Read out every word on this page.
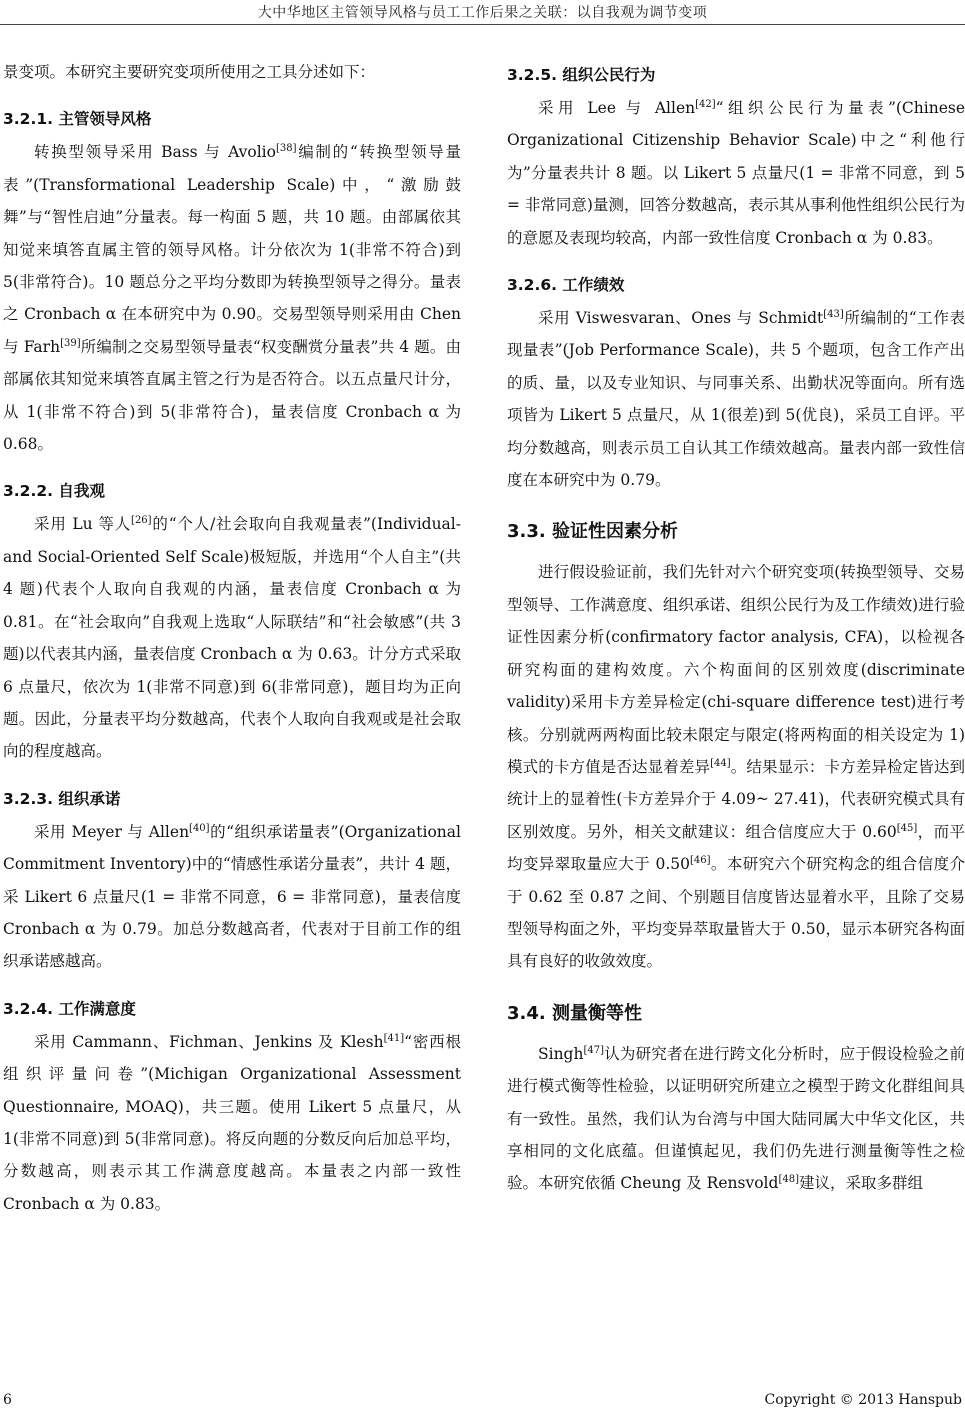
大中华地区主管领导风格与员工工作后果之关联：以自我观为调节变项

景变项。本研究主要研究变项所使用之工具分述如下：

3.2.1. 主管领导风格

转换型领导采用 Bass 与 Avolio[38]编制的“转换型领导量表”(Transformational Leadership Scale)中，“激励鼓舞”与“智性启迪”分量表。每一构面 5 题，共 10 题。由部属依其知觉来填答直属主管的领导风格。计分依次为 1(非常不符合)到 5(非常符合)。10 题总分之平均分数即为转换型领导之得分。量表之 Cronbach α 在本研究中为 0.90。交易型领导则采用由 Chen 与 Farh[39]所编制之交易型领导量表“权变酬赏分量表”共 4 题。由部属依其知觉来填答直属主管之行为是否符合。以五点量尺计分，从 1(非常不符合)到 5(非常符合)，量表信度 Cronbach α 为 0.68。

3.2.2. 自我观

采用 Lu 等人[26]的“个人/社会取向自我观量表”(Individual- and Social-Oriented Self Scale)极短版，并选用“个人自主”(共 4 题)代表个人取向自我观的内涵，量表信度 Cronbach α 为 0.81。在“社会取向”自我观上选取“人际联结”和“社会敏感”(共 3 题)以代表其内涵，量表信度 Cronbach α 为 0.63。计分方式采取 6 点量尺，依次为 1(非常不同意)到 6(非常同意)，题目均为正向题。因此，分量表平均分数越高，代表个人取向自我观或是社会取向的程度越高。

3.2.3. 组织承诺

采用 Meyer 与 Allen[40]的“组织承诺量表”(Organizational Commitment Inventory)中的“情感性承诺分量表”，共计 4 题，采 Likert 6 点量尺(1 = 非常不同意，6 = 非常同意)，量表信度 Cronbach α 为 0.79。加总分数越高者，代表对于目前工作的组织承诺感越高。

3.2.4. 工作满意度

采用 Cammann、Fichman、Jenkins 及 Klesh[41]“密西根组织评量问卷”(Michigan Organizational Assessment Questionnaire, MOAQ)，共三题。使用 Likert 5 点量尺，从 1(非常不同意)到 5(非常同意)。将反向题的分数反向后加总平均，分数越高，则表示其工作满意度越高。本量表之内部一致性 Cronbach α 为 0.83。

3.2.5. 组织公民行为

采用 Lee 与 Allen[42]“组织公民行为量表”(Chinese Organizational Citizenship Behavior Scale)中之“利他行为”分量表共计 8 题。以 Likert 5 点量尺(1 = 非常不同意，到 5 = 非常同意)量测，回答分数越高，表示其从事利他性组织公民行为的意愿及表现均较高，内部一致性信度 Cronbach α 为 0.83。

3.2.6. 工作绩效

采用 Viswesvaran、Ones 与 Schmidt[43]所编制的“工作表现量表”(Job Performance Scale)，共 5 个题项，包含工作产出的质、量，以及专业知识、与同事关系、出勤状况等面向。所有选项皆为 Likert 5 点量尺，从 1(很差)到 5(优良)，采员工自评。平均分数越高，则表示员工自认其工作绩效越高。量表内部一致性信度在本研究中为 0.79。

3.3. 验证性因素分析

进行假设验证前，我们先针对六个研究变项(转换型领导、交易型领导、工作满意度、组织承诺、组织公民行为及工作绩效)进行验证性因素分析(confirmatory factor analysis, CFA)，以检视各研究构面的建构效度。六个构面间的区别效度(discriminate validity)采用卡方差异检定(chi-square difference test)进行考核。分别就两两构面比较未限定与限定(将两构面的相关设定为 1)模式的卡方值是否达显着差异[44]。结果显示：卡方差异检定皆达到统计上的显着性(卡方差异介于 4.09~ 27.41)，代表研究模式具有区别效度。另外，相关文献建议：组合信度应大于 0.60[45]，而平均变异翠取量应大于 0.50[46]。本研究六个研究构念的组合信度介于 0.62 至 0.87 之间、个别题目信度皆达显着水平，且除了交易型领导构面之外，平均变异萃取量皆大于 0.50，显示本研究各构面具有良好的收敛效度。

3.4. 测量衡等性

Singh[47]认为研究者在进行跨文化分析时，应于假设检验之前进行模式衡等性检验，以证明研究所建立之模型于跨文化群组间具有一致性。虽然，我们认为台湾与中国大陆同属大中华文化区，共享相同的文化底蕴。但谨慎起见，我们仍先进行测量衡等性之检验。本研究依循 Cheung 及 Rensvold[48]建议，采取多群组

6	Copyright © 2013 Hanspub
